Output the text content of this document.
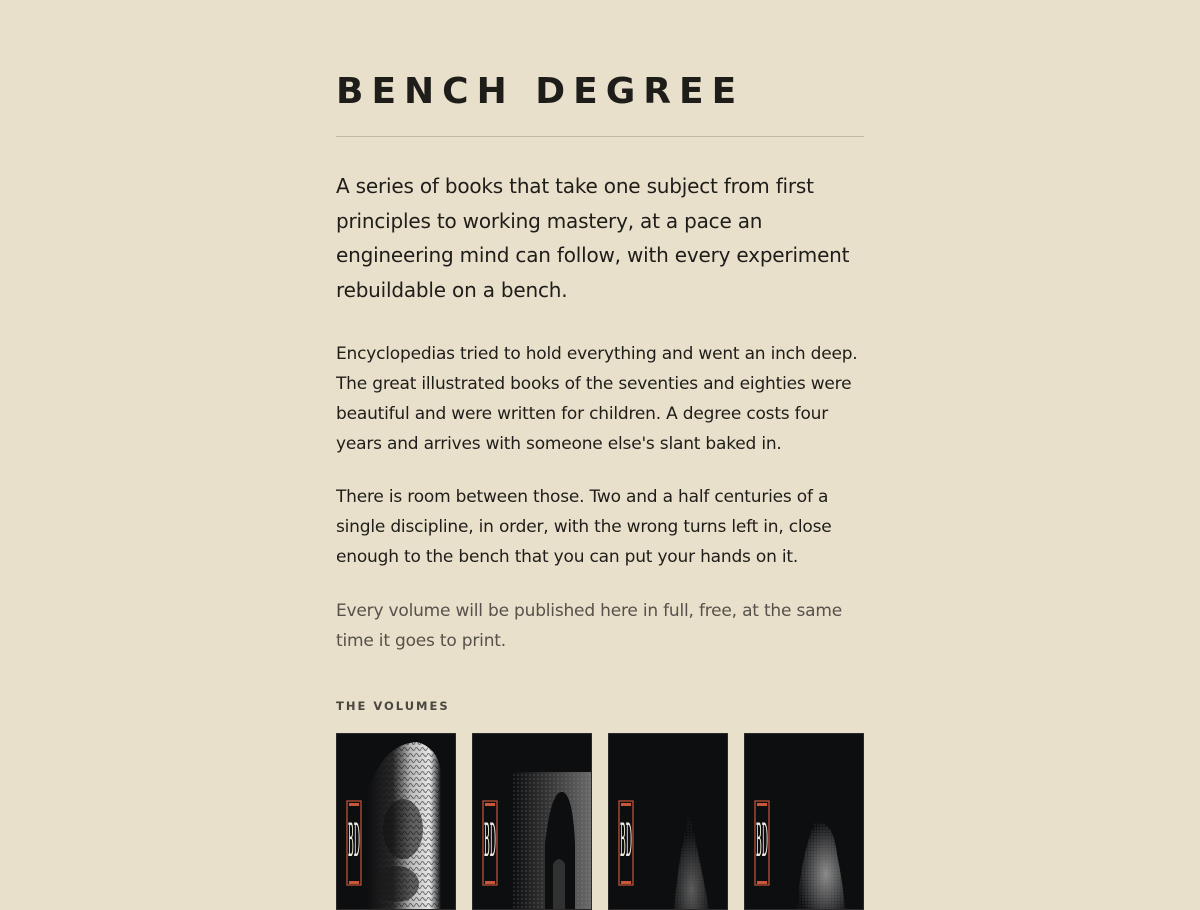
BENCH DEGREE

A series of books that take one subject from first principles to working mastery, at a pace an engineering mind can follow, with every experiment rebuildable on a bench.

Encyclopedias tried to hold everything and went an inch deep. The great illustrated books of the seventies and eighties were beautiful and were written for children. A degree costs four years and arrives with someone else's slant baked in.

There is room between those. Two and a half centuries of a single discipline, in order, with the wrong turns left in, close enough to the bench that you can put your hands on it.

Every volume will be published here in full, free, at the same time it goes to print.

THE VOLUMES
BD	BD	BD	BD
